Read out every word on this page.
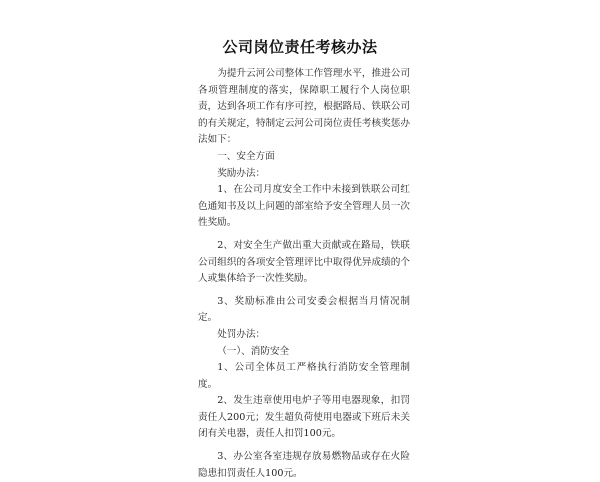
公司岗位责任考核办法

为提升云河公司整体工作管理水平，推进公司各项管理制度的落实，保障职工履行个人岗位职责，达到各项工作有序可控，根据路局、铁联公司的有关规定，特制定云河公司岗位责任考核奖惩办法如下：

一、安全方面

奖励办法：

1、在公司月度安全工作中未接到铁联公司红色通知书及以上问题的部室给予安全管理人员一次性奖励。

2、对安全生产做出重大贡献或在路局，铁联公司组织的各项安全管理评比中取得优异成绩的个人或集体给予一次性奖励。

3、奖励标准由公司安委会根据当月情况制定。

处罚办法：

（一）、消防安全

1、公司全体员工严格执行消防安全管理制度。

2、发生违章使用电炉子等用电器现象，扣罚责任人200元；发生超负荷使用电器或下班后未关闭有关电器，责任人扣罚100元。

3、办公室各室违规存放易燃物品或存在火险隐患扣罚责任人100元。
